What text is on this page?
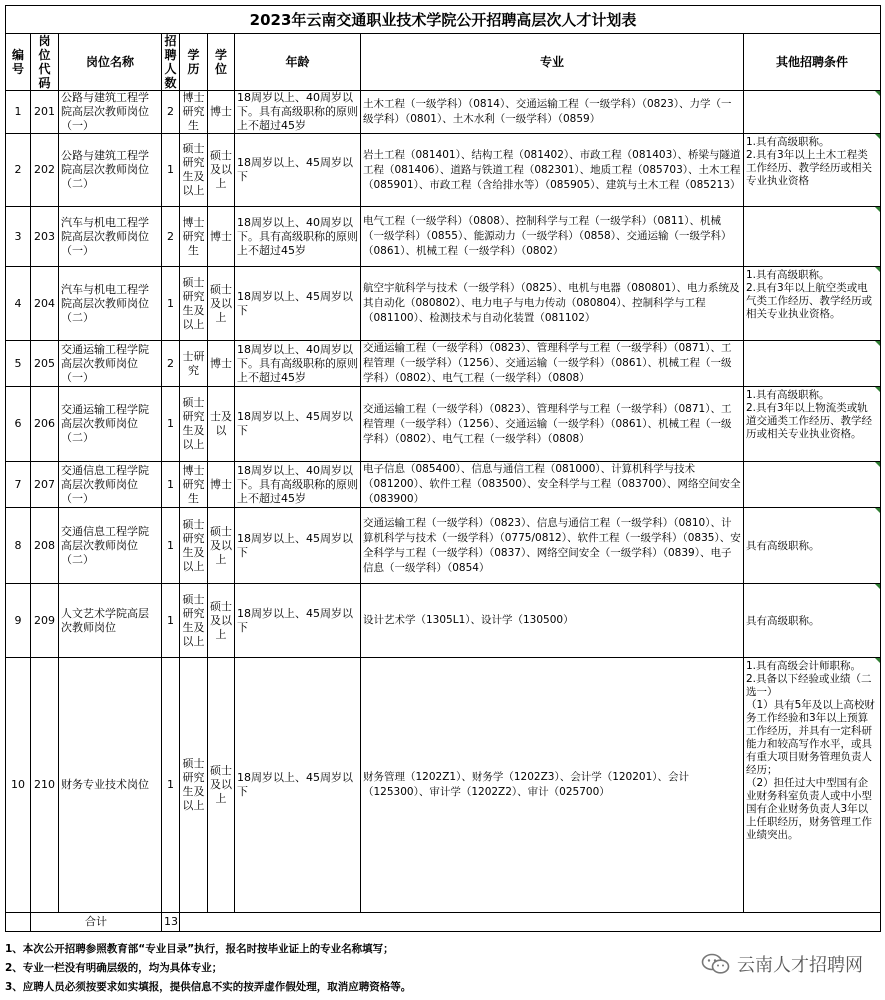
2023年云南交通职业技术学院公开招聘高层次人才计划表								
编号	岗位代码	岗位名称	招聘人数	学历	学位	年龄	专业	其他招聘条件
1	201	公路与建筑工程学院高层次教师岗位（一）	2	博士研究生	博士	18周岁以上、40周岁以下。具有高级职称的原则上不超过45岁	土木工程（一级学科）（0814）、交通运输工程（一级学科）（0823）、力学（一级学科）（0801）、土木水利（一级学科）（0859）	
2	202	公路与建筑工程学院高层次教师岗位（二）	1	硕士研究生及以上	硕士及以上	18周岁以上、45周岁以下	岩土工程（081401）、结构工程（081402）、市政工程（081403）、桥梁与隧道工程（081406）、道路与铁道工程（082301）、地质工程（085703）、土木工程（085901）、市政工程（含给排水等）（085905）、建筑与土木工程（085213）	1.具有高级职称。
2.具有3年以上土木工程类工作经历、教学经历或相关专业执业资格
3	203	汽车与机电工程学院高层次教师岗位（一）	2	博士研究生	博士	18周岁以上、40周岁以下。具有高级职称的原则上不超过45岁	电气工程（一级学科）（0808）、控制科学与工程（一级学科）（0811）、机械（一级学科）（0855）、能源动力（一级学科）（0858）、交通运输（一级学科）（0861）、机械工程（一级学科）（0802）	
4	204	汽车与机电工程学院高层次教师岗位（二）	1	硕士研究生及以上	硕士及以上	18周岁以上、45周岁以下	航空宇航科学与技术（一级学科）（0825）、电机与电器（080801）、电力系统及其自动化（080802）、电力电子与电力传动（080804）、控制科学与工程（081100）、检测技术与自动化装置（081102）	1.具有高级职称。
2.具有3年以上航空类或电气类工作经历、教学经历或相关专业执业资格。
5	205	交通运输工程学院高层次教师岗位（一）	2	士研究	博士	18周岁以上、40周岁以下。具有高级职称的原则上不超过45岁	交通运输工程（一级学科）（0823）、管理科学与工程（一级学科）（0871）、工程管理（一级学科）（1256）、交通运输（一级学科）（0861）、机械工程（一级学科）（0802）、电气工程（一级学科）（0808）	
6	206	交通运输工程学院高层次教师岗位（二）	1	硕士研究生及以上	士及以	18周岁以上、45周岁以下	交通运输工程（一级学科）（0823）、管理科学与工程（一级学科）（0871）、工程管理（一级学科）（1256）、交通运输（一级学科）（0861）、机械工程（一级学科）（0802）、电气工程（一级学科）（0808）	1.具有高级职称。
2.具有3年以上物流类或轨道交通类工作经历、教学经历或相关专业执业资格。
7	207	交通信息工程学院高层次教师岗位（一）	1	博士研究生	博士	18周岁以上、40周岁以下。具有高级职称的原则上不超过45岁	电子信息（085400）、信息与通信工程（081000）、计算机科学与技术（081200）、软件工程（083500）、安全科学与工程（083700）、网络空间安全（083900）	
8	208	交通信息工程学院高层次教师岗位（二）	1	硕士研究生及以上	硕士及以上	18周岁以上、45周岁以下	交通运输工程（一级学科）（0823）、信息与通信工程（一级学科）（0810）、计算机科学与技术（一级学科）（0775/0812）、软件工程（一级学科）（0835）、安全科学与工程（一级学科）（0837）、网络空间安全（一级学科）（0839）、电子信息（一级学科）（0854）	具有高级职称。
9	209	人文艺术学院高层次教师岗位	1	硕士研究生及以上	硕士及以上	18周岁以上、45周岁以下	设计艺术学（1305L1）、设计学（130500）	具有高级职称。
10	210	财务专业技术岗位	1	硕士研究生及以上	硕士及以上	18周岁以上、45周岁以下	财务管理（1202Z1）、财务学（1202Z3）、会计学（120201）、会计（125300）、审计学（1202Z2）、审计（025700）	1.具有高级会计师职称。
2.具备以下经验或业绩（二选一）
（1）具有5年及以上高校财务工作经验和3年以上预算工作经历，并具有一定科研能力和较高写作水平，或具有重大项目财务管理负责人经历；
（2）担任过大中型国有企业财务科室负责人或中小型国有企业财务负责人3年以上任职经历，财务管理工作业绩突出。
	合计		13					
1、本次公开招聘参照教育部“专业目录”执行，报名时按毕业证上的专业名称填写；
2、专业一栏没有明确层级的，均为具体专业；
3、应聘人员必须按要求如实填报，提供信息不实的按弄虚作假处理，取消应聘资格等。
云南人才招聘网
